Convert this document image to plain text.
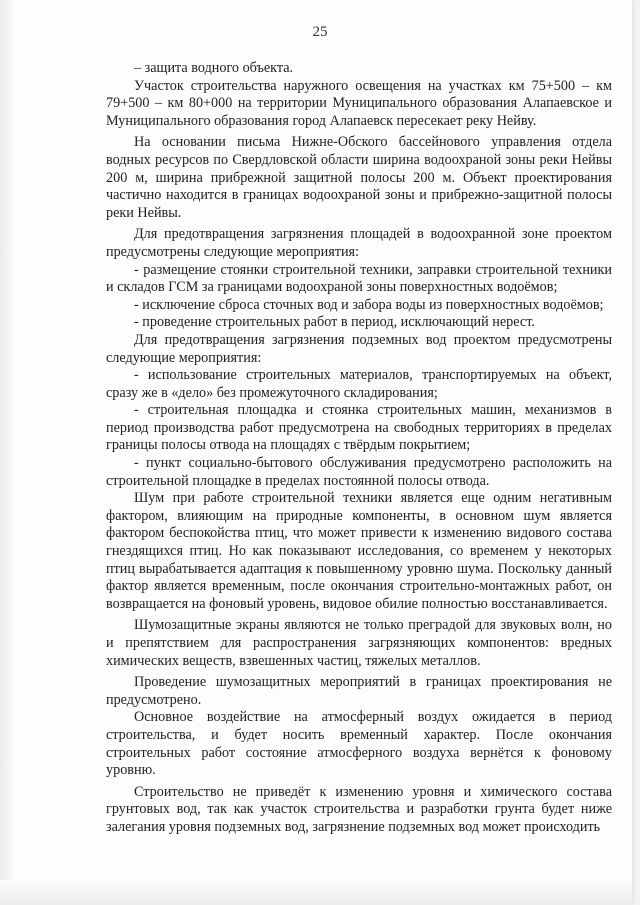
25

– защита водного объекта.

Участок строительства наружного освещения на участках км 75+500 – км 79+500 – км 80+000 на территории Муниципального образования Алапаевское и Муниципального образования город Алапаевск пересекает реку Нейву.

На основании письма Нижне-Обского бассейнового управления отдела водных ресурсов по Свердловской области ширина водоохраной зоны реки Нейвы 200 м, ширина прибрежной защитной полосы 200 м. Объект проектирования частично находится в границах водоохраной зоны и прибрежно-защитной полосы реки Нейвы.

Для предотвращения загрязнения площадей в водоохранной зоне проектом предусмотрены следующие мероприятия:

- размещение стоянки строительной техники, заправки строительной техники и складов ГСМ за границами водоохраной зоны поверхностных водоёмов;

- исключение сброса сточных вод и забора воды из поверхностных водоёмов;

- проведение строительных работ в период, исключающий нерест.

Для предотвращения загрязнения подземных вод проектом предусмотрены следующие мероприятия:

- использование строительных материалов, транспортируемых на объект, сразу же в «дело» без промежуточного складирования;

- строительная площадка и стоянка строительных машин, механизмов в период производства работ предусмотрена на свободных территориях в пределах границы полосы отвода на площадях с твёрдым покрытием;

- пункт социально-бытового обслуживания предусмотрено расположить на строительной площадке в пределах постоянной полосы отвода.

Шум при работе строительной техники является еще одним негативным фактором, влияющим на природные компоненты, в основном шум является фактором беспокойства птиц, что может привести к изменению видового состава гнездящихся птиц. Но как показывают исследования, со временем у некоторых птиц вырабатывается адаптация к повышенному уровню шума. Поскольку данный фактор является временным, после окончания строительно-монтажных работ, он возвращается на фоновый уровень, видовое обилие полностью восстанавливается.

Шумозащитные экраны являются не только преградой для звуковых волн, но и препятствием для распространения загрязняющих компонентов: вредных химических веществ, взвешенных частиц, тяжелых металлов.

Проведение шумозащитных мероприятий в границах проектирования не предусмотрено.

Основное воздействие на атмосферный воздух ожидается в период строительства, и будет носить временный характер. После окончания строительных работ состояние атмосферного воздуха вернётся к фоновому уровню.

Строительство не приведёт к изменению уровня и химического состава грунтовых вод, так как участок строительства и разработки грунта будет ниже залегания уровня подземных вод, загрязнение подземных вод может происходить
